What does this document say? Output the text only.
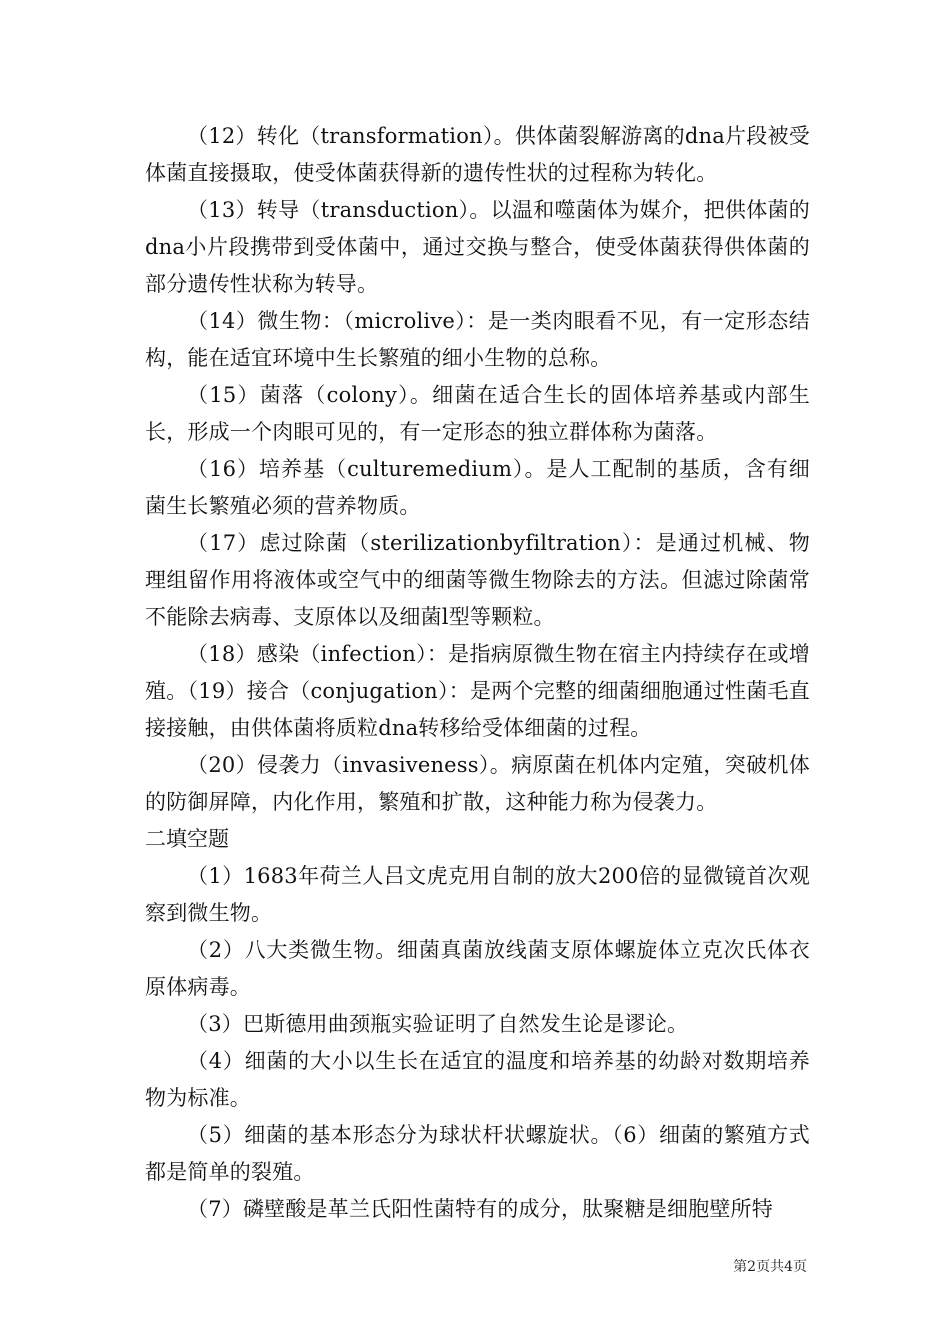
（12）转化（transformation）。供体菌裂解游离的dna片段被受体菌直接摄取，使受体菌获得新的遗传性状的过程称为转化。

（13）转导（transduction）。以温和噬菌体为媒介，把供体菌的dna小片段携带到受体菌中，通过交换与整合，使受体菌获得供体菌的部分遗传性状称为转导。

（14）微生物：（microlive）：是一类肉眼看不见，有一定形态结构，能在适宜环境中生长繁殖的细小生物的总称。

（15）菌落（colony）。细菌在适合生长的固体培养基或内部生长，形成一个肉眼可见的，有一定形态的独立群体称为菌落。

（16）培养基（culturemedium）。是人工配制的基质，含有细菌生长繁殖必须的营养物质。

（17）虑过除菌（sterilizationbyfiltration）：是通过机械、物理组留作用将液体或空气中的细菌等微生物除去的方法。但滤过除菌常不能除去病毒、支原体以及细菌l型等颗粒。

（18）感染（infection）：是指病原微生物在宿主内持续存在或增殖。（19）接合（conjugation）：是两个完整的细菌细胞通过性菌毛直接接触，由供体菌将质粒dna转移给受体细菌的过程。

（20）侵袭力（invasiveness）。病原菌在机体内定殖，突破机体的防御屏障，内化作用，繁殖和扩散，这种能力称为侵袭力。

二填空题

（1）1683年荷兰人吕文虎克用自制的放大200倍的显微镜首次观察到微生物。

（2）八大类微生物。细菌真菌放线菌支原体螺旋体立克次氏体衣原体病毒。

（3）巴斯德用曲颈瓶实验证明了自然发生论是谬论。

（4）细菌的大小以生长在适宜的温度和培养基的幼龄对数期培养物为标准。

（5）细菌的基本形态分为球状杆状螺旋状。（6）细菌的繁殖方式都是简单的裂殖。

（7）磷壁酸是革兰氏阳性菌特有的成分，肽聚糖是细胞壁所特

第2页共4页
